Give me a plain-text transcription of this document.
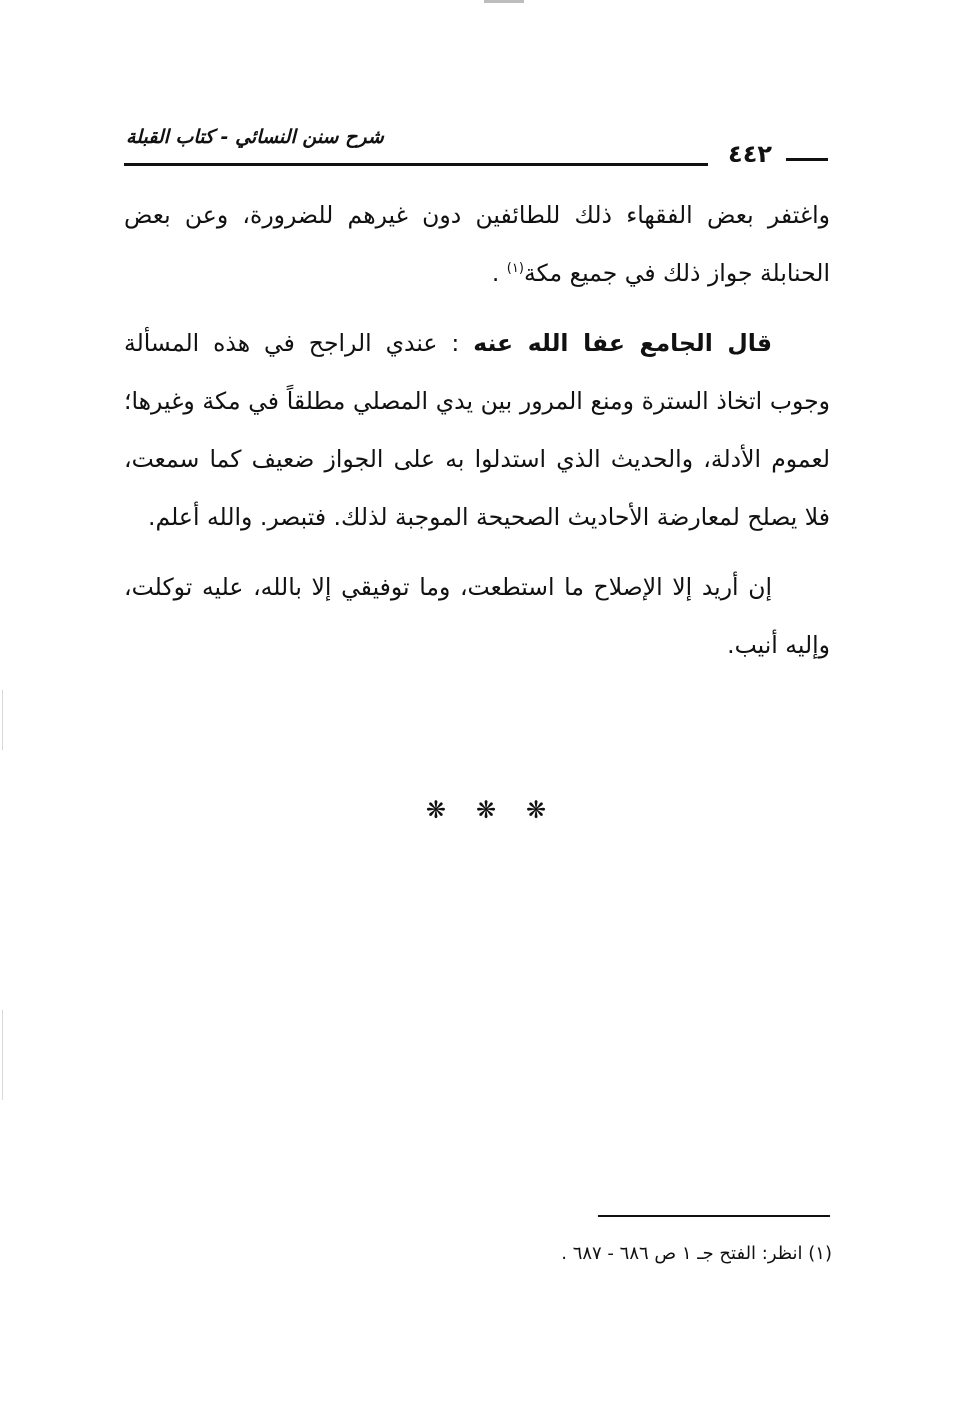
شرح سنن النسائي - كتاب القبلة
٤٤٢

واغتفر بعض الفقهاء ذلك للطائفين دون غيرهم للضرورة، وعن بعض الحنابلة جواز ذلك في جميع مكة$^{(١)}$ .

قال الجامع عفا الله عنه : عندي الراجح في هذه المسألة وجوب اتخاذ السترة ومنع المرور بين يدي المصلي مطلقاً في مكة وغيرها؛ لعموم الأدلة، والحديث الذي استدلوا به على الجواز ضعيف كما سمعت، فلا يصلح لمعارضة الأحاديث الصحيحة الموجبة لذلك. فتبصر. والله أعلم.

إن أريد إلا الإصلاح ما استطعت، وما توفيقي إلا بالله، عليه توكلت، وإليه أنيب.

❋❋❋
(١) انظر: الفتح جـ ١ ص ٦٨٦ - ٦٨٧ .
